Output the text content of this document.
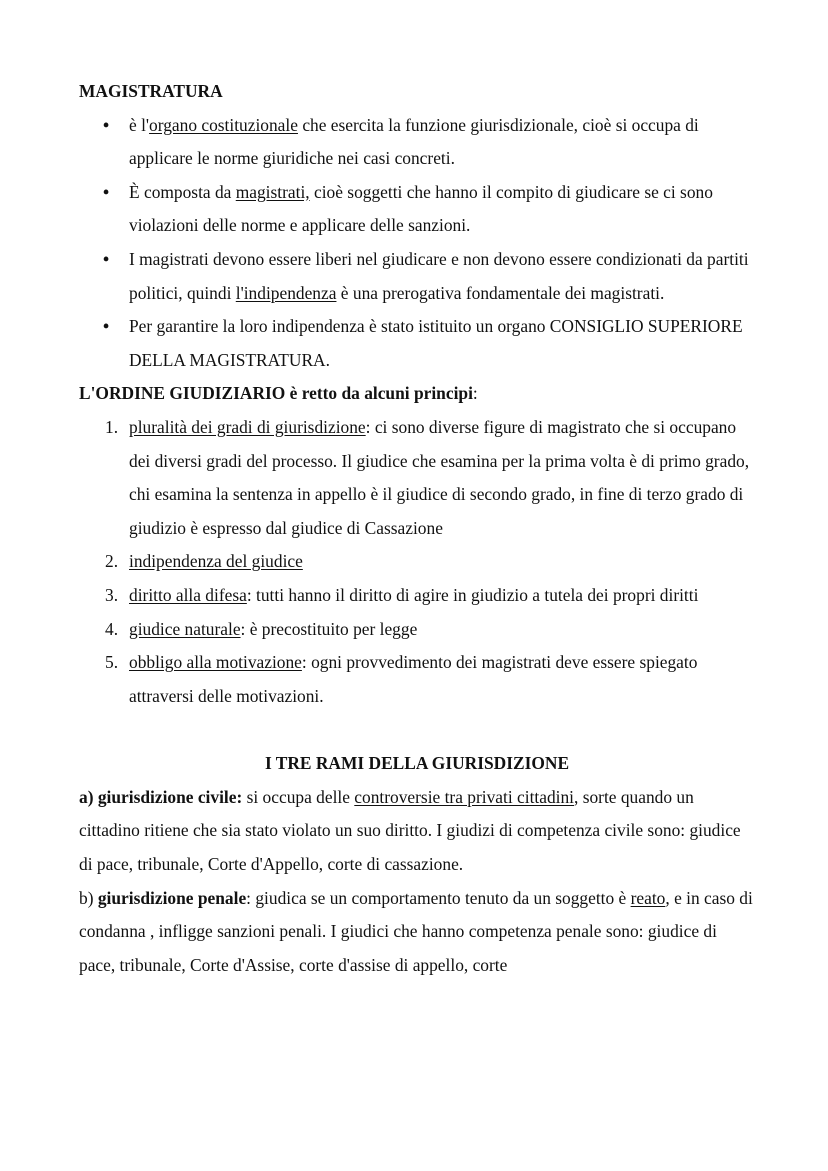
MAGISTRATURA

• è l'organo costituzionale che esercita la funzione giurisdizionale, cioè si occupa di applicare le norme giuridiche nei casi concreti.
• È composta da magistrati, cioè soggetti che hanno il compito di giudicare se ci sono violazioni delle norme e applicare delle sanzioni.
• I magistrati devono essere liberi nel giudicare e non devono essere condizionati da partiti politici, quindi l'indipendenza è una prerogativa fondamentale dei magistrati.
• Per garantire la loro indipendenza è stato istituito un organo CONSIGLIO SUPERIORE DELLA MAGISTRATURA.

L'ORDINE GIUDIZIARIO è retto da alcuni principi:

1. pluralità dei gradi di giurisdizione: ci sono diverse figure di magistrato che si occupano dei diversi gradi del processo. Il giudice che esamina per la prima volta è di primo grado, chi esamina la sentenza in appello è il giudice di secondo grado, in fine di terzo grado di giudizio è espresso dal giudice di Cassazione
2. indipendenza del giudice
3. diritto alla difesa: tutti hanno il diritto di agire in giudizio a tutela dei propri diritti
4. giudice naturale: è precostituito per legge
5. obbligo alla motivazione: ogni provvedimento dei magistrati deve essere spiegato attraversi delle motivazioni.

I TRE RAMI DELLA GIURISDIZIONE

a) giurisdizione civile: si occupa delle controversie tra privati cittadini, sorte quando un cittadino ritiene che sia stato violato un suo diritto. I giudizi di competenza civile sono: giudice di pace, tribunale, Corte d'Appello, corte di cassazione.

b) giurisdizione penale: giudica se un comportamento tenuto da un soggetto è reato, e in caso di condanna , infligge sanzioni penali. I giudici che hanno competenza penale sono: giudice di pace, tribunale, Corte d'Assise, corte d'assise di appello, corte
